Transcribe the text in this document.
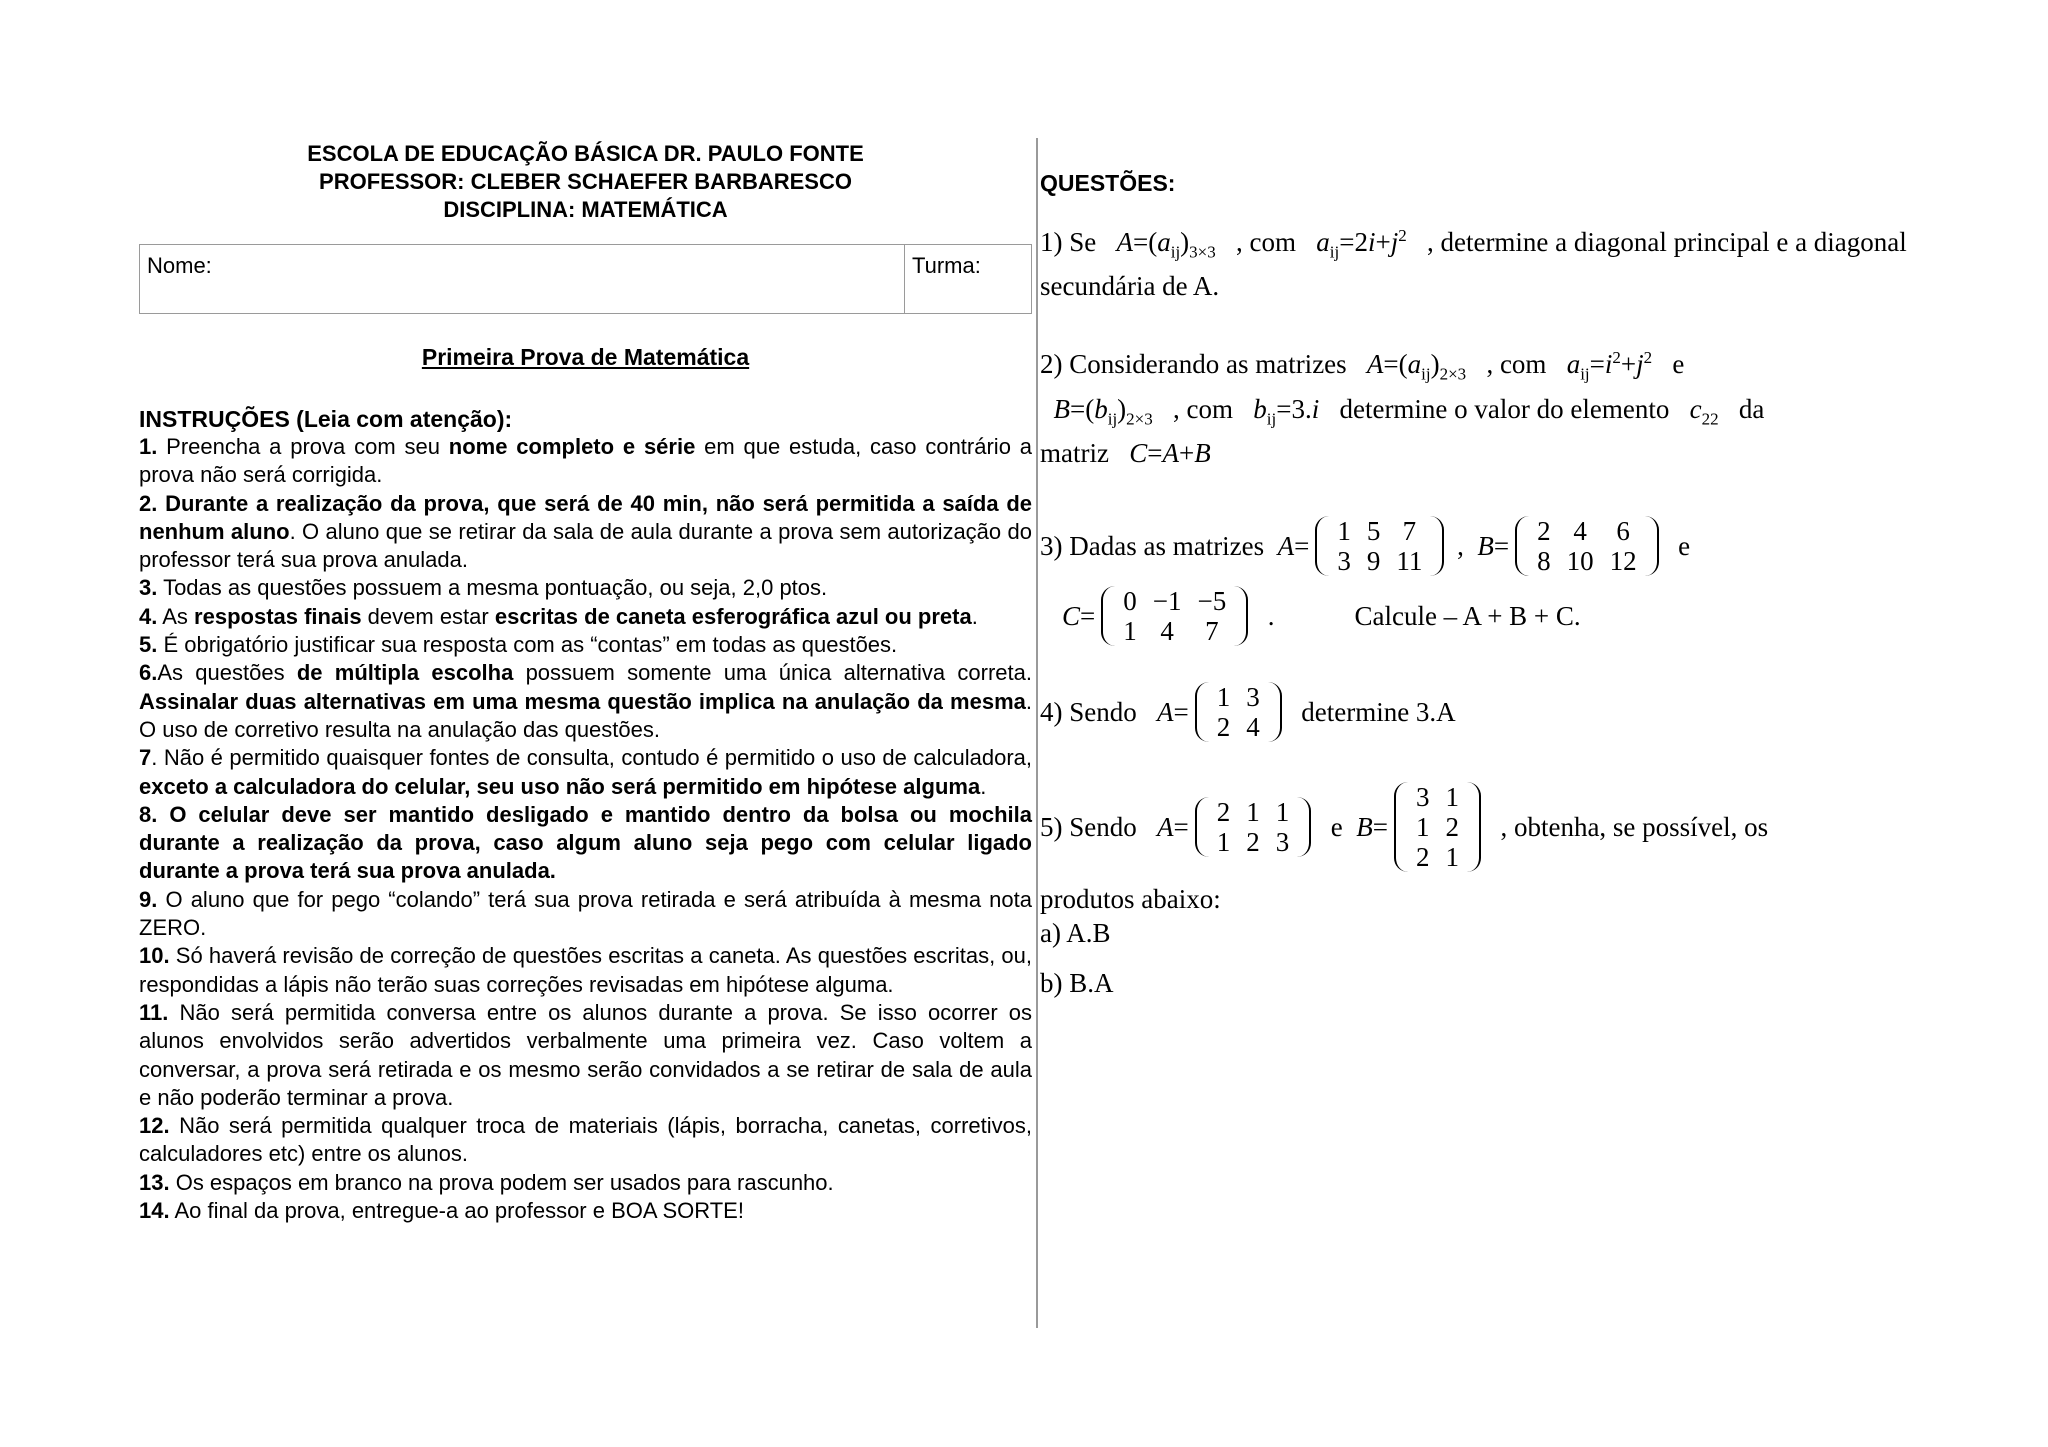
ESCOLA DE EDUCAÇÃO BÁSICA DR. PAULO FONTE
PROFESSOR: CLEBER SCHAEFER BARBARESCO
DISCIPLINA: MATEMÁTICA
Nome:	Turma:
Primeira Prova de Matemática
INSTRUÇÕES (Leia com atenção):

1. Preencha a prova com seu nome completo e série em que estuda, caso contrário a prova não será corrigida.

2. Durante a realização da prova, que será de 40 min, não será permitida a saída de nenhum aluno. O aluno que se retirar da sala de aula durante a prova sem autorização do professor terá sua prova anulada.

3. Todas as questões possuem a mesma pontuação, ou seja, 2,0 ptos.

4. As respostas finais devem estar escritas de caneta esferográfica azul ou preta.

5. É obrigatório justificar sua resposta com as “contas” em todas as questões.

6.As questões de múltipla escolha possuem somente uma única alternativa correta. Assinalar duas alternativas em uma mesma questão implica na anulação da mesma. O uso de corretivo resulta na anulação das questões.

7. Não é permitido quaisquer fontes de consulta, contudo é permitido o uso de calculadora, exceto a calculadora do celular, seu uso não será permitido em hipótese alguma.

8. O celular deve ser mantido desligado e mantido dentro da bolsa ou mochila durante a realização da prova, caso algum aluno seja pego com celular ligado durante a prova terá sua prova anulada.

9. O aluno que for pego “colando” terá sua prova retirada e será atribuída à mesma nota ZERO.

10. Só haverá revisão de correção de questões escritas a caneta. As questões escritas, ou, respondidas a lápis não terão suas correções revisadas em hipótese alguma.

11. Não será permitida conversa entre os alunos durante a prova. Se isso ocorrer os alunos envolvidos serão advertidos verbalmente uma primeira vez. Caso voltem a conversar, a prova será retirada e os mesmo serão convidados a se retirar de sala de aula e não poderão terminar a prova.

12. Não será permitida qualquer troca de materiais (lápis, borracha, canetas, corretivos, calculadores etc) entre os alunos.

13. Os espaços em branco na prova podem ser usados para rascunho.

14. Ao final da prova, entregue-a ao professor e BOA SORTE!

QUESTÕES:
1) Se $A=(a_{ij})_{3\times 3}$ , com $a_{ij}=2i+j^2$ , determine a diagonal principal e a diagonal secundária de A.
2) Considerando as matrizes $A=(a_{ij})_{2\times 3}$ , com $a_{ij}=i^2+j^2$ e
$B=(b_{ij})_{2\times 3}$ , com $b_{ij}=3.i$ determine o valor do elemento $c_{22}$ da
matriz C=A+B
3) Dadas as matrizes
A = 1	5	7
3	9	11
,
B = 2	4	6
8	10	12
e
C = 0	−1	−5
1	4	7
.	Calcule – A + B + C.
4) Sendo
A = 1	3
2	4
determine 3.A
5) Sendo
A = 2	1	1
1	2	3
e
B =
3	1
1	2
2	1

, obtenha, se possível, os
produtos abaixo:
a) A.B
b) B.A
